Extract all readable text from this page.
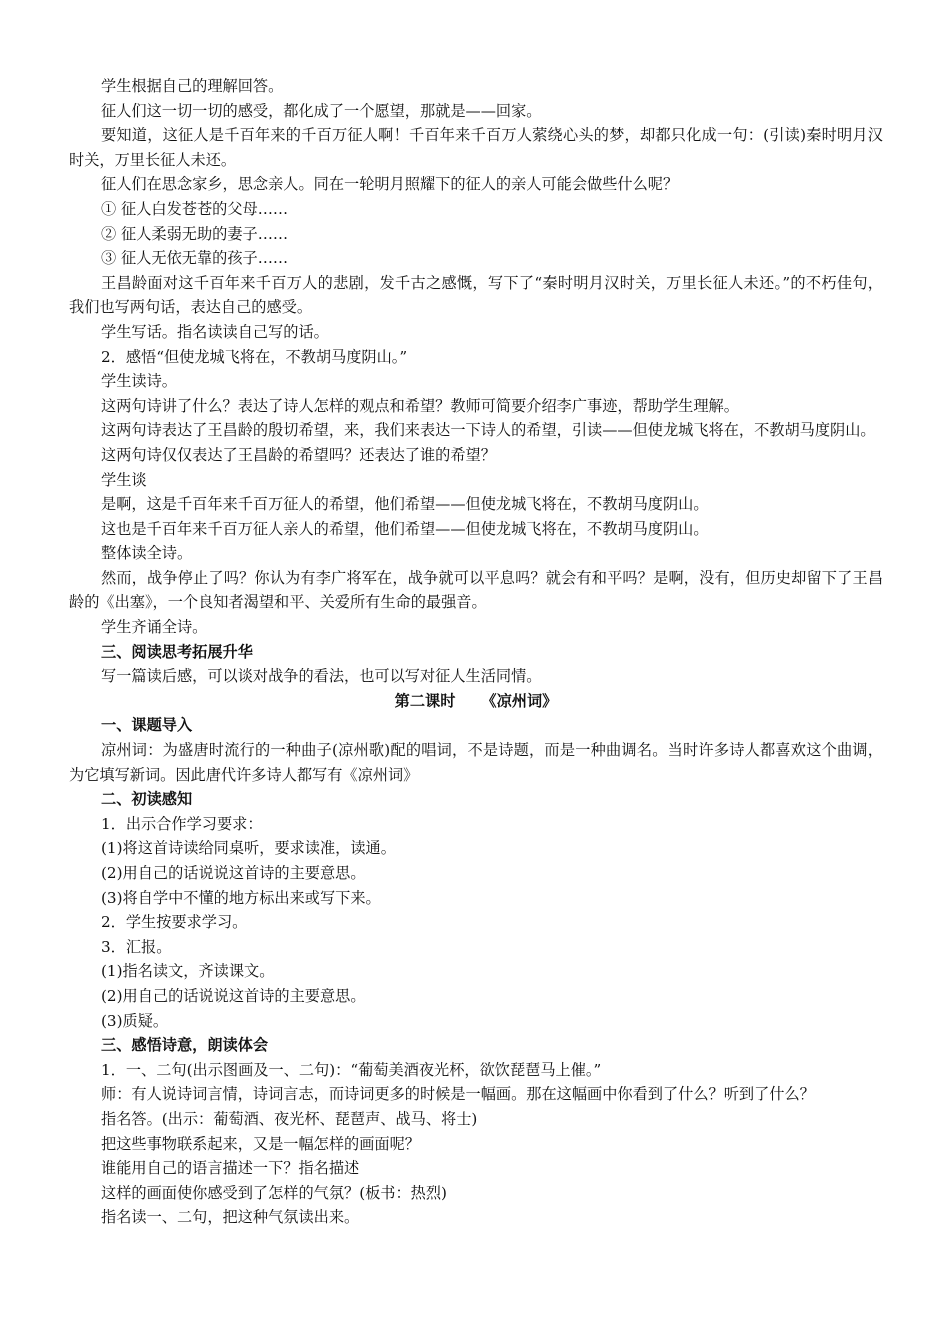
学生根据自己的理解回答。

征人们这一切一切的感受，都化成了一个愿望，那就是——回家。

要知道，这征人是千百年来的千百万征人啊！千百年来千百万人萦绕心头的梦，却都只化成一句：(引读)秦时明月汉时关，万里长征人未还。

征人们在思念家乡，思念亲人。同在一轮明月照耀下的征人的亲人可能会做些什么呢？

① 征人白发苍苍的父母……

② 征人柔弱无助的妻子……

③ 征人无依无靠的孩子……

王昌龄面对这千百年来千百万人的悲剧，发千古之感慨，写下了“秦时明月汉时关，万里长征人未还。”的不朽佳句，我们也写两句话，表达自己的感受。

学生写话。指名读读自己写的话。

2．感悟“但使龙城飞将在，不教胡马度阴山。”

学生读诗。

这两句诗讲了什么？表达了诗人怎样的观点和希望？教师可简要介绍李广事迹，帮助学生理解。

这两句诗表达了王昌龄的殷切希望，来，我们来表达一下诗人的希望，引读——但使龙城飞将在，不教胡马度阴山。

这两句诗仅仅表达了王昌龄的希望吗？还表达了谁的希望？

学生谈

是啊，这是千百年来千百万征人的希望，他们希望——但使龙城飞将在，不教胡马度阴山。

这也是千百年来千百万征人亲人的希望，他们希望——但使龙城飞将在，不教胡马度阴山。

整体读全诗。

然而，战争停止了吗？你认为有李广将军在，战争就可以平息吗？就会有和平吗？是啊，没有，但历史却留下了王昌龄的《出塞》，一个良知者渴望和平、关爱所有生命的最强音。

学生齐诵全诗。

三、阅读思考拓展升华

写一篇读后感，可以谈对战争的看法，也可以写对征人生活同情。

第二课时 《凉州词》

一、课题导入

凉州词：为盛唐时流行的一种曲子(凉州歌)配的唱词，不是诗题，而是一种曲调名。当时许多诗人都喜欢这个曲调，为它填写新词。因此唐代许多诗人都写有《凉州词》

二、初读感知

1．出示合作学习要求：

(1)将这首诗读给同桌听，要求读准，读通。

(2)用自己的话说说这首诗的主要意思。

(3)将自学中不懂的地方标出来或写下来。

2．学生按要求学习。

3．汇报。

(1)指名读文，齐读课文。

(2)用自己的话说说这首诗的主要意思。

(3)质疑。

三、感悟诗意，朗读体会

1．一、二句(出示图画及一、二句)：“葡萄美酒夜光杯，欲饮琵琶马上催。”

师：有人说诗词言情，诗词言志，而诗词更多的时候是一幅画。那在这幅画中你看到了什么？听到了什么？

指名答。(出示：葡萄酒、夜光杯、琵琶声、战马、将士)

把这些事物联系起来，又是一幅怎样的画面呢？

谁能用自己的语言描述一下？指名描述

这样的画面使你感受到了怎样的气氛？(板书：热烈)

指名读一、二句，把这种气氛读出来。
